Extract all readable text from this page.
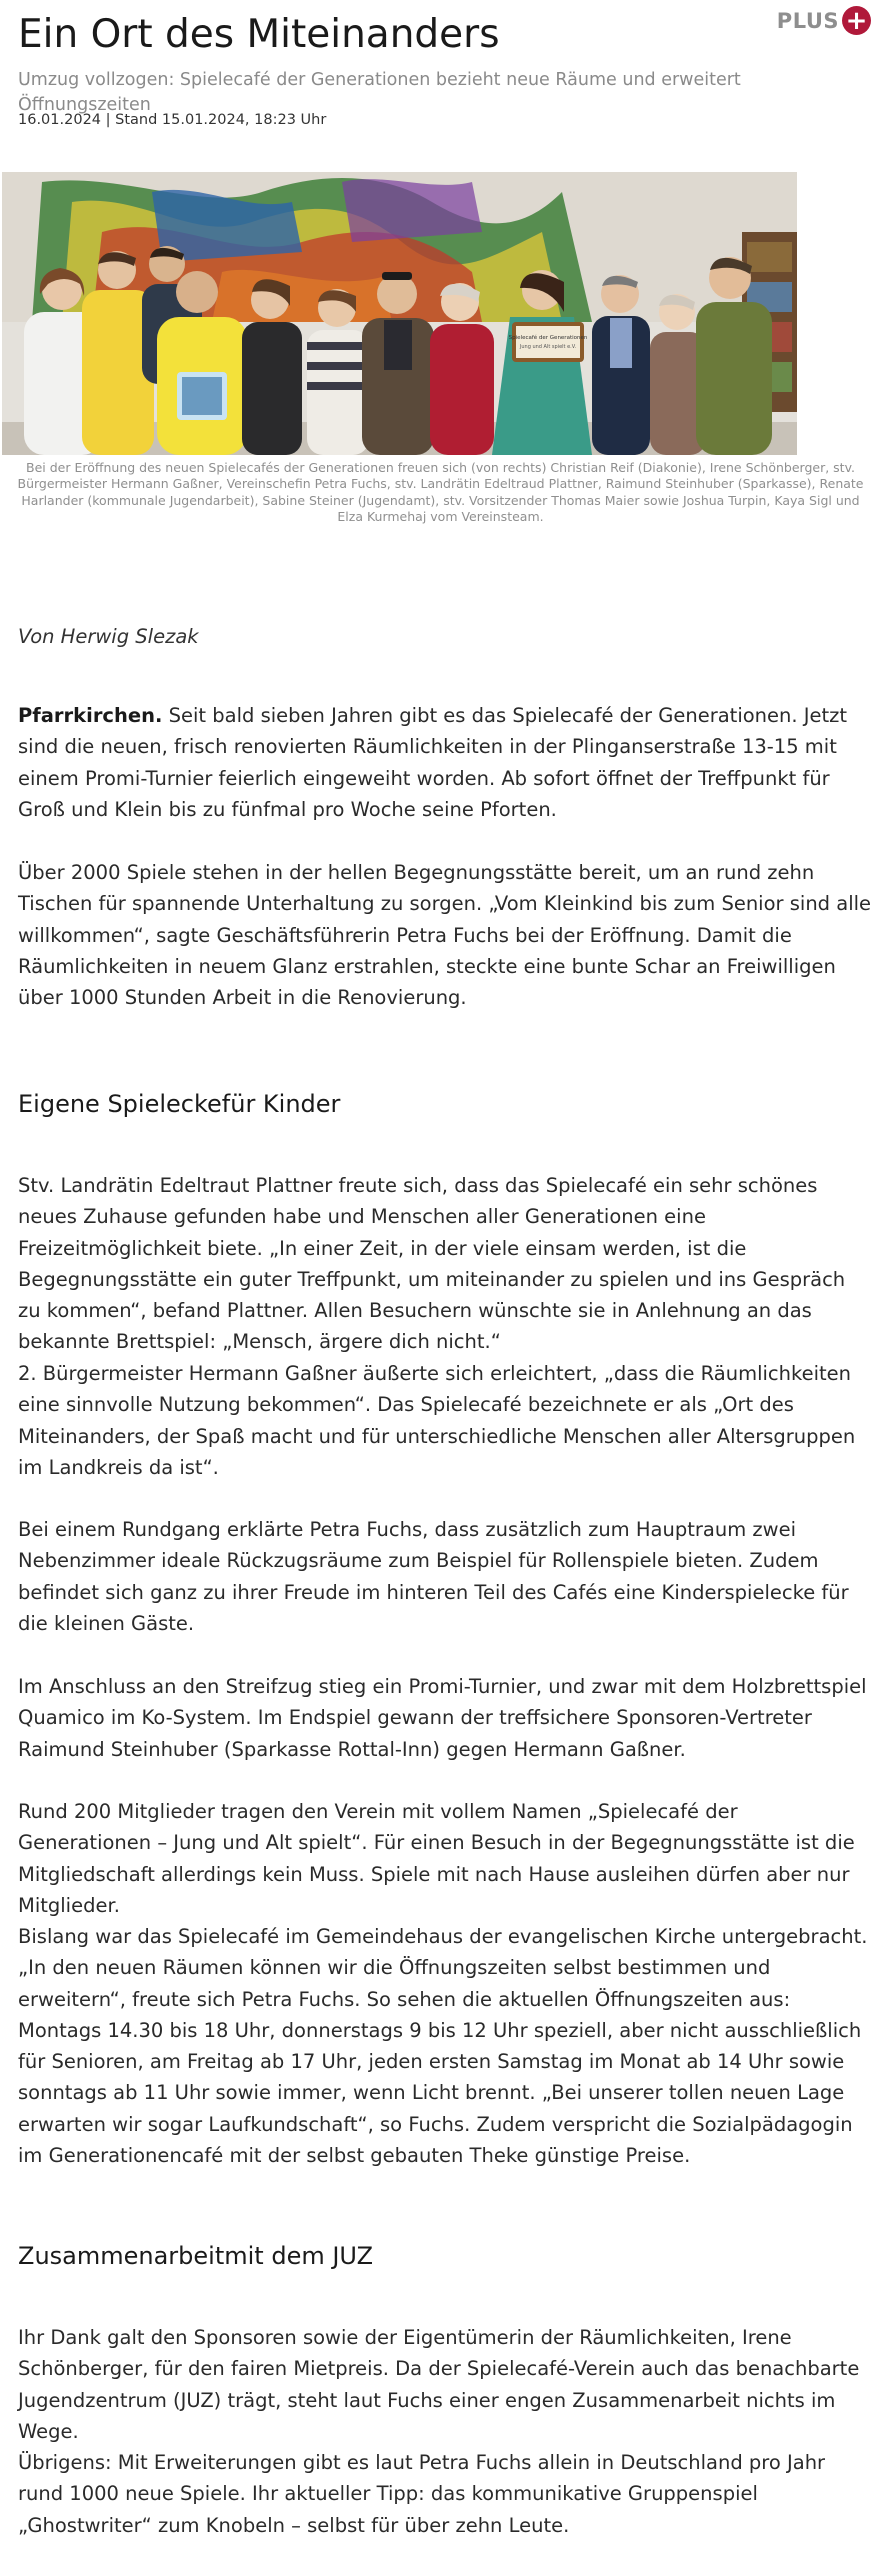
PLUS +
Ein Ort des Miteinanders

Umzug vollzogen: Spielecafé der Generationen bezieht neue Räume und erweitert Öffnungszeiten

16.01.2024 | Stand 15.01.2024, 18:23 Uhr

Spielecafé der Generationen
Jung und Alt spielt e.V.

Bei der Eröffnung des neuen Spielecafés der Generationen freuen sich (von rechts) Christian Reif (Diakonie), Irene Schönberger, stv. Bürgermeister Hermann Gaßner, Vereinschefin Petra Fuchs, stv. Landrätin Edeltraud Plattner, Raimund Steinhuber (Sparkasse), Renate Harlander (kommunale Jugendarbeit), Sabine Steiner (Jugendamt), stv. Vorsitzender Thomas Maier sowie Joshua Turpin, Kaya Sigl und Elza Kurmehaj vom Vereinsteam.

Von Herwig Slezak

Pfarrkirchen. Seit bald sieben Jahren gibt es das Spielecafé der Generationen. Jetzt sind die neuen, frisch renovierten Räumlichkeiten in der Plinganserstraße 13-15 mit einem Promi-Turnier feierlich eingeweiht worden. Ab sofort öffnet der Treffpunkt für Groß und Klein bis zu fünfmal pro Woche seine Pforten.

Über 2000 Spiele stehen in der hellen Begegnungsstätte bereit, um an rund zehn Tischen für spannende Unterhaltung zu sorgen. „Vom Kleinkind bis zum Senior sind alle willkommen“, sagte Geschäftsführerin Petra Fuchs bei der Eröffnung. Damit die Räumlichkeiten in neuem Glanz erstrahlen, steckte eine bunte Schar an Freiwilligen über 1000 Stunden Arbeit in die Renovierung.

Eigene Spieleckefür Kinder

Stv. Landrätin Edeltraut Plattner freute sich, dass das Spielecafé ein sehr schönes neues Zuhause gefunden habe und Menschen aller Generationen eine Freizeitmöglichkeit biete. „In einer Zeit, in der viele einsam werden, ist die Begegnungsstätte ein guter Treffpunkt, um miteinander zu spielen und ins Gespräch zu kommen“, befand Plattner. Allen Besuchern wünschte sie in Anlehnung an das bekannte Brettspiel: „Mensch, ärgere dich nicht.“

2. Bürgermeister Hermann Gaßner äußerte sich erleichtert, „dass die Räumlichkeiten eine sinnvolle Nutzung bekommen“. Das Spielecafé bezeichnete er als „Ort des Miteinanders, der Spaß macht und für unterschiedliche Menschen aller Altersgruppen im Landkreis da ist“.

Bei einem Rundgang erklärte Petra Fuchs, dass zusätzlich zum Hauptraum zwei Nebenzimmer ideale Rückzugsräume zum Beispiel für Rollenspiele bieten. Zudem befindet sich ganz zu ihrer Freude im hinteren Teil des Cafés eine Kinderspielecke für die kleinen Gäste.

Im Anschluss an den Streifzug stieg ein Promi-Turnier, und zwar mit dem Holzbrettspiel Quamico im Ko-System. Im Endspiel gewann der treffsichere Sponsoren-Vertreter Raimund Steinhuber (Sparkasse Rottal-Inn) gegen Hermann Gaßner.

Rund 200 Mitglieder tragen den Verein mit vollem Namen „Spielecafé der Generationen – Jung und Alt spielt“. Für einen Besuch in der Begegnungsstätte ist die Mitgliedschaft allerdings kein Muss. Spiele mit nach Hause ausleihen dürfen aber nur Mitglieder.

Bislang war das Spielecafé im Gemeindehaus der evangelischen Kirche untergebracht. „In den neuen Räumen können wir die Öffnungszeiten selbst bestimmen und erweitern“, freute sich Petra Fuchs. So sehen die aktuellen Öffnungszeiten aus: Montags 14.30 bis 18 Uhr, donnerstags 9 bis 12 Uhr speziell, aber nicht ausschließlich für Senioren, am Freitag ab 17 Uhr, jeden ersten Samstag im Monat ab 14 Uhr sowie sonntags ab 11 Uhr sowie immer, wenn Licht brennt. „Bei unserer tollen neuen Lage erwarten wir sogar Laufkundschaft“, so Fuchs. Zudem verspricht die Sozialpädagogin im Generationencafé mit der selbst gebauten Theke günstige Preise.

Zusammenarbeitmit dem JUZ

Ihr Dank galt den Sponsoren sowie der Eigentümerin der Räumlichkeiten, Irene Schönberger, für den fairen Mietpreis. Da der Spielecafé-Verein auch das benachbarte Jugendzentrum (JUZ) trägt, steht laut Fuchs einer engen Zusammenarbeit nichts im Wege.

Übrigens: Mit Erweiterungen gibt es laut Petra Fuchs allein in Deutschland pro Jahr rund 1000 neue Spiele. Ihr aktueller Tipp: das kommunikative Gruppenspiel „Ghostwriter“ zum Knobeln – selbst für über zehn Leute.
